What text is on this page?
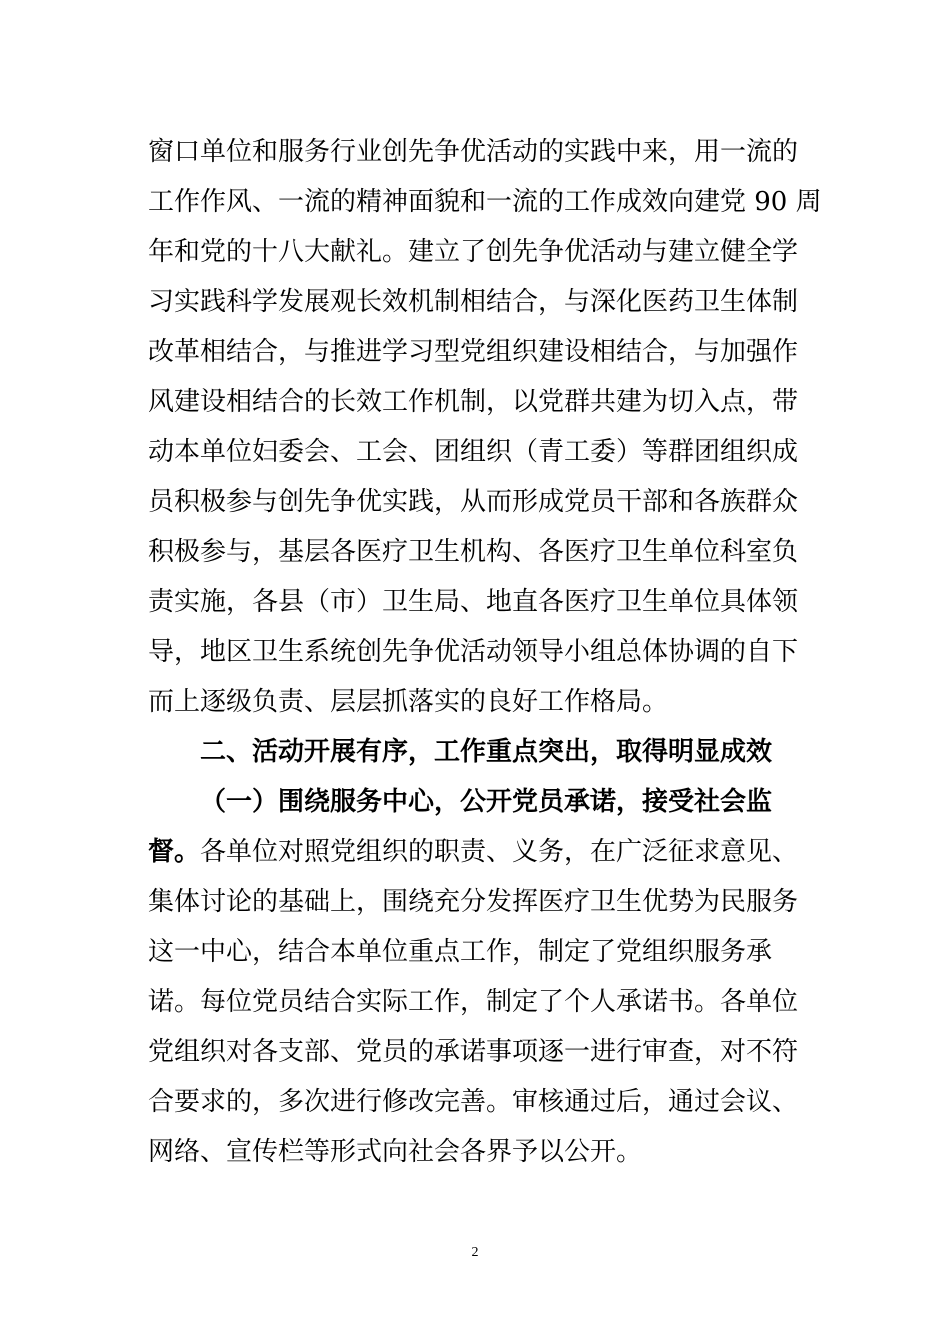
窗口单位和服务行业创先争优活动的实践中来，用一流的
工作作风、一流的精神面貌和一流的工作成效向建党 90 周
年和党的十八大献礼。建立了创先争优活动与建立健全学
习实践科学发展观长效机制相结合，与深化医药卫生体制
改革相结合，与推进学习型党组织建设相结合，与加强作
风建设相结合的长效工作机制，以党群共建为切入点，带
动本单位妇委会、工会、团组织（青工委）等群团组织成
员积极参与创先争优实践，从而形成党员干部和各族群众
积极参与，基层各医疗卫生机构、各医疗卫生单位科室负
责实施，各县（市）卫生局、地直各医疗卫生单位具体领
导，地区卫生系统创先争优活动领导小组总体协调的自下
而上逐级负责、层层抓落实的良好工作格局。
二、活动开展有序，工作重点突出，取得明显成效
（一）围绕服务中心，公开党员承诺，接受社会监
督。 各单位对照党组织的职责、义务，在广泛征求意见、
集体讨论的基础上，围绕充分发挥医疗卫生优势为民服务
这一中心，结合本单位重点工作，制定了党组织服务承
诺。每位党员结合实际工作，制定了个人承诺书。各单位
党组织对各支部、党员的承诺事项逐一进行审查，对不符
合要求的，多次进行修改完善。审核通过后，通过会议、
网络、宣传栏等形式向社会各界予以公开。
2
